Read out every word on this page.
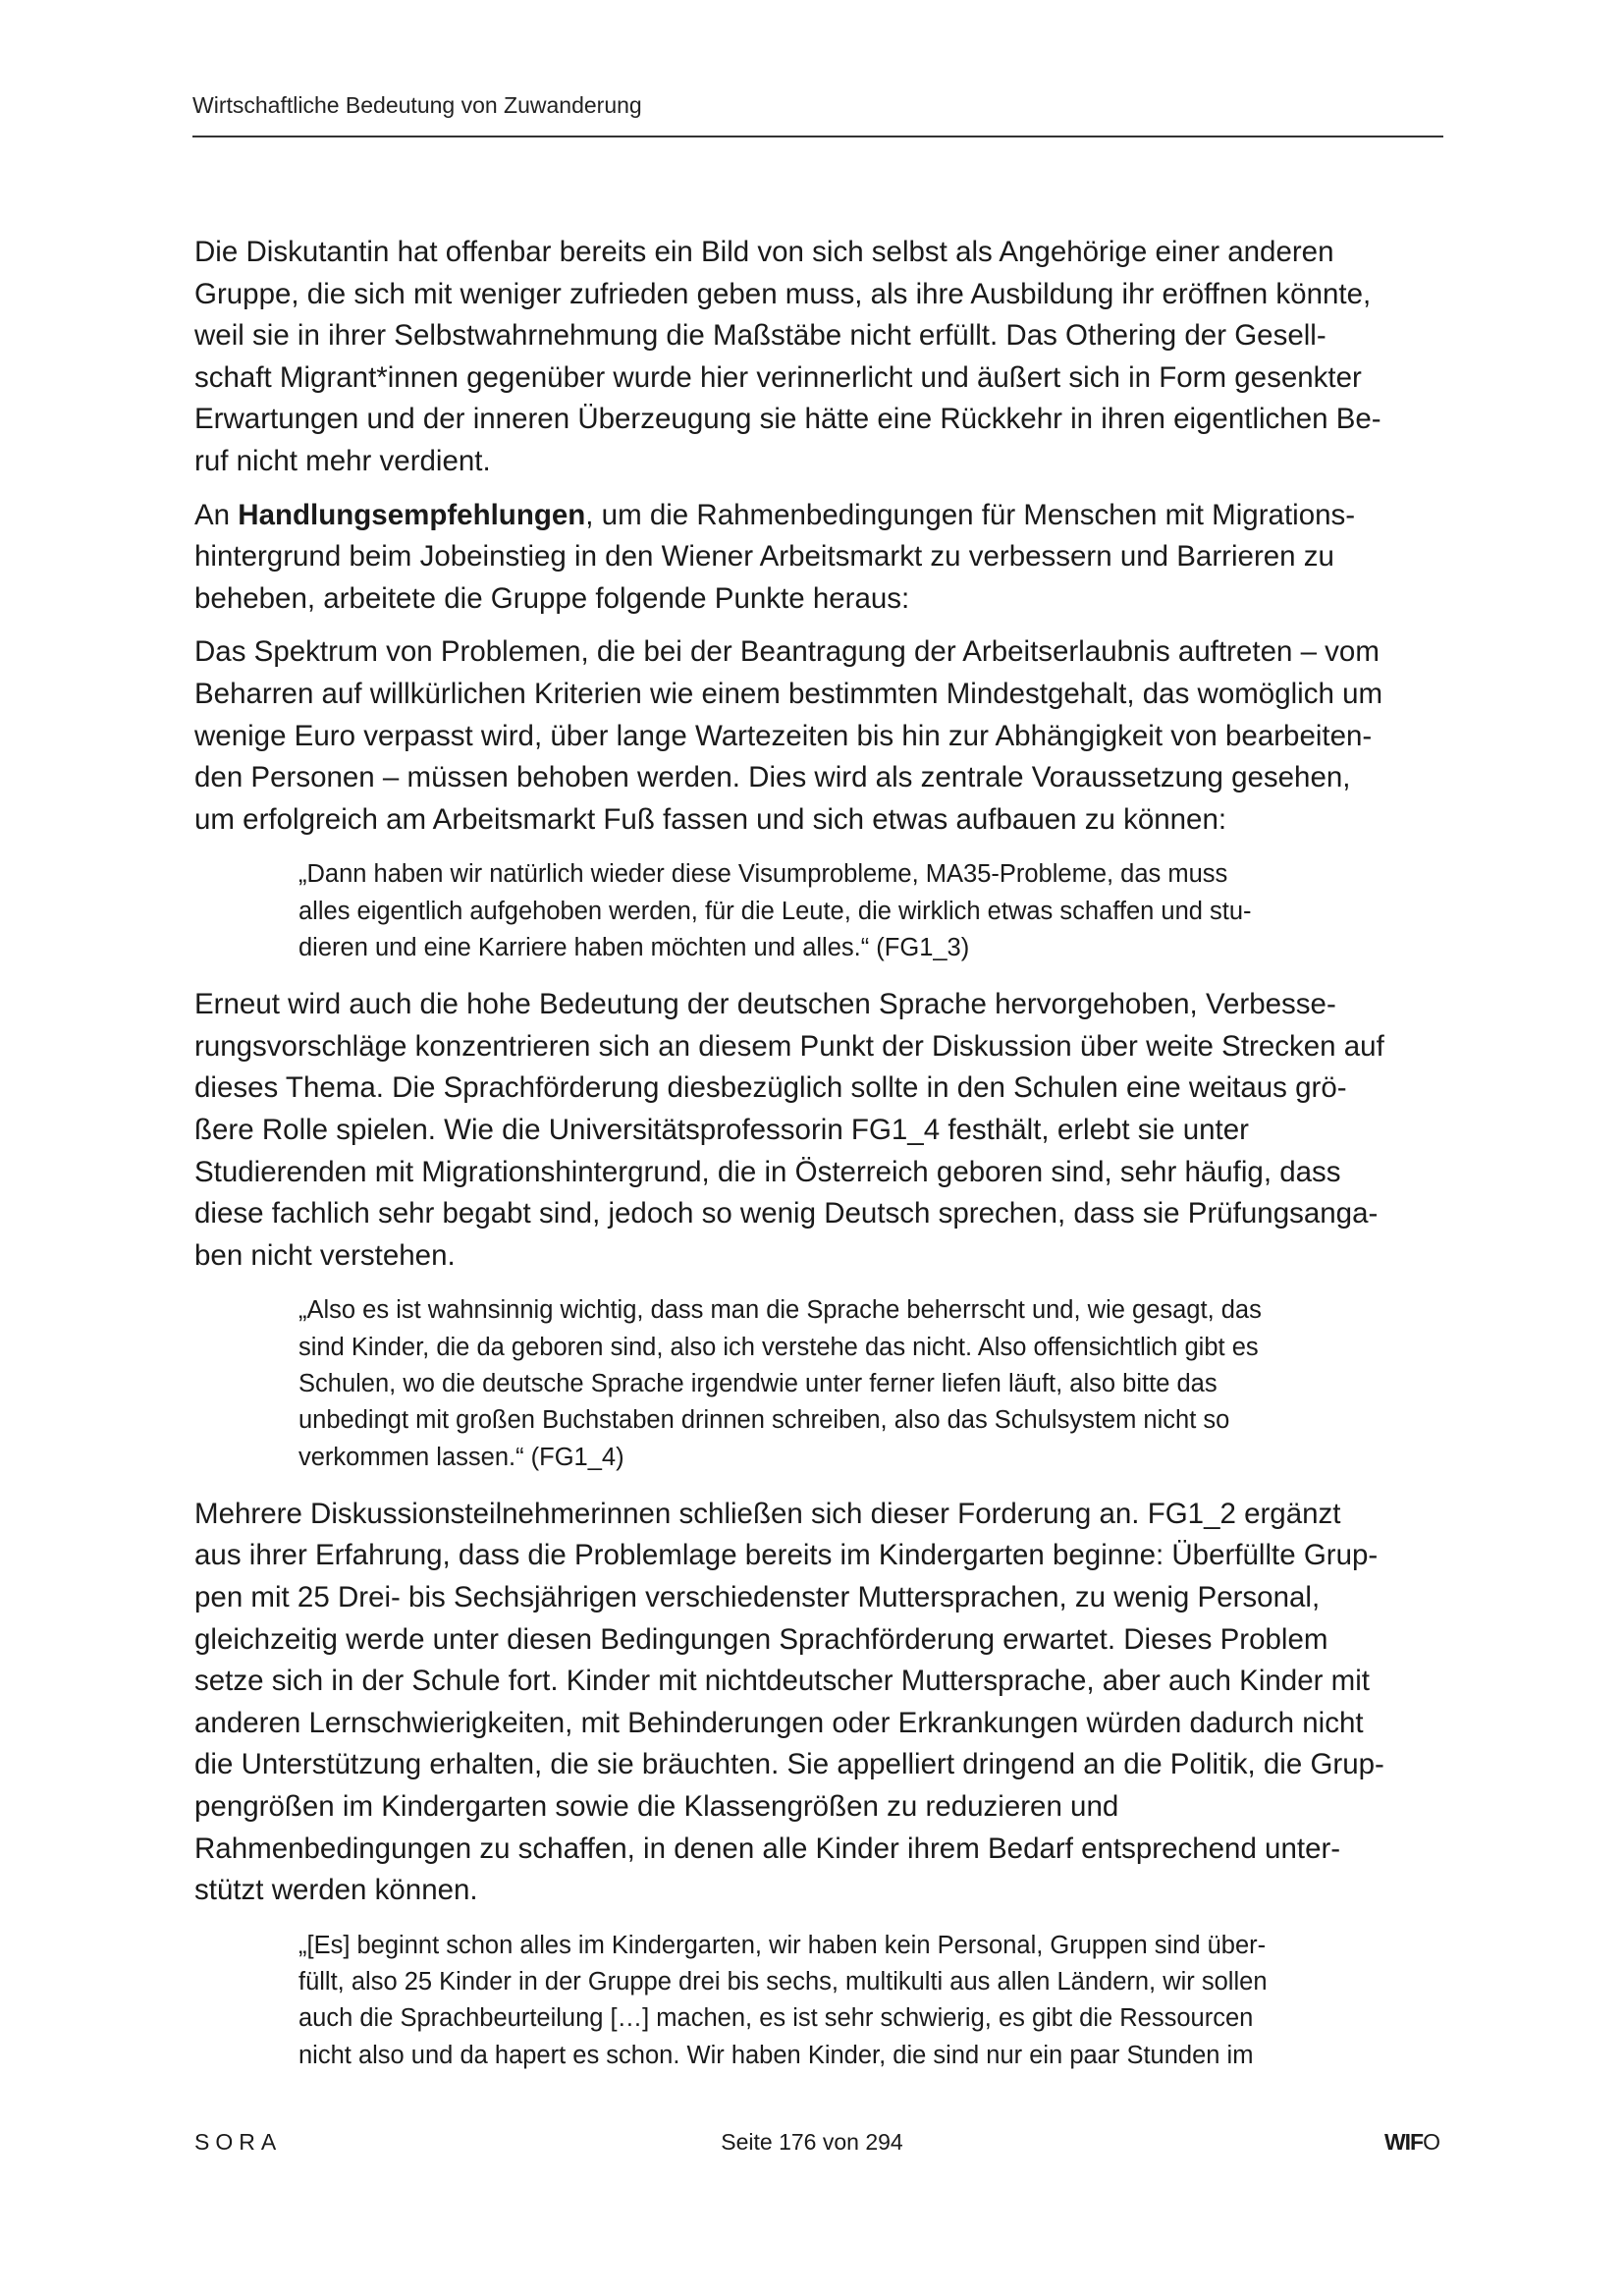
Wirtschaftliche Bedeutung von Zuwanderung
Die Diskutantin hat offenbar bereits ein Bild von sich selbst als Angehörige einer anderen
Gruppe, die sich mit weniger zufrieden geben muss, als ihre Ausbildung ihr eröffnen könnte,
weil sie in ihrer Selbstwahrnehmung die Maßstäbe nicht erfüllt. Das Othering der Gesell-
schaft Migrant*innen gegenüber wurde hier verinnerlicht und äußert sich in Form gesenkter
Erwartungen und der inneren Überzeugung sie hätte eine Rückkehr in ihren eigentlichen Be-
ruf nicht mehr verdient.
An Handlungsempfehlungen, um die Rahmenbedingungen für Menschen mit Migrations-
hintergrund beim Jobeinstieg in den Wiener Arbeitsmarkt zu verbessern und Barrieren zu
beheben, arbeitete die Gruppe folgende Punkte heraus:
Das Spektrum von Problemen, die bei der Beantragung der Arbeitserlaubnis auftreten – vom
Beharren auf willkürlichen Kriterien wie einem bestimmten Mindestgehalt, das womöglich um
wenige Euro verpasst wird, über lange Wartezeiten bis hin zur Abhängigkeit von bearbeiten-
den Personen – müssen behoben werden. Dies wird als zentrale Voraussetzung gesehen,
um erfolgreich am Arbeitsmarkt Fuß fassen und sich etwas aufbauen zu können:
„Dann haben wir natürlich wieder diese Visumprobleme, MA35-Probleme, das muss
alles eigentlich aufgehoben werden, für die Leute, die wirklich etwas schaffen und stu-
dieren und eine Karriere haben möchten und alles.“ (FG1_3)
Erneut wird auch die hohe Bedeutung der deutschen Sprache hervorgehoben, Verbesse-
rungsvorschläge konzentrieren sich an diesem Punkt der Diskussion über weite Strecken auf
dieses Thema. Die Sprachförderung diesbezüglich sollte in den Schulen eine weitaus grö-
ßere Rolle spielen. Wie die Universitätsprofessorin FG1_4 festhält, erlebt sie unter
Studierenden mit Migrationshintergrund, die in Österreich geboren sind, sehr häufig, dass
diese fachlich sehr begabt sind, jedoch so wenig Deutsch sprechen, dass sie Prüfungsanga-
ben nicht verstehen.
„Also es ist wahnsinnig wichtig, dass man die Sprache beherrscht und, wie gesagt, das
sind Kinder, die da geboren sind, also ich verstehe das nicht. Also offensichtlich gibt es
Schulen, wo die deutsche Sprache irgendwie unter ferner liefen läuft, also bitte das
unbedingt mit großen Buchstaben drinnen schreiben, also das Schulsystem nicht so
verkommen lassen.“ (FG1_4)
Mehrere Diskussionsteilnehmerinnen schließen sich dieser Forderung an. FG1_2 ergänzt
aus ihrer Erfahrung, dass die Problemlage bereits im Kindergarten beginne: Überfüllte Grup-
pen mit 25 Drei- bis Sechsjährigen verschiedenster Muttersprachen, zu wenig Personal,
gleichzeitig werde unter diesen Bedingungen Sprachförderung erwartet. Dieses Problem
setze sich in der Schule fort. Kinder mit nichtdeutscher Muttersprache, aber auch Kinder mit
anderen Lernschwierigkeiten, mit Behinderungen oder Erkrankungen würden dadurch nicht
die Unterstützung erhalten, die sie bräuchten. Sie appelliert dringend an die Politik, die Grup-
pengrößen im Kindergarten sowie die Klassengrößen zu reduzieren und
Rahmenbedingungen zu schaffen, in denen alle Kinder ihrem Bedarf entsprechend unter-
stützt werden können.
„[Es] beginnt schon alles im Kindergarten, wir haben kein Personal, Gruppen sind über-
füllt, also 25 Kinder in der Gruppe drei bis sechs, multikulti aus allen Ländern, wir sollen
auch die Sprachbeurteilung […] machen, es ist sehr schwierig, es gibt die Ressourcen
nicht also und da hapert es schon. Wir haben Kinder, die sind nur ein paar Stunden im
SORA	Seite 176 von 294	WIFO
